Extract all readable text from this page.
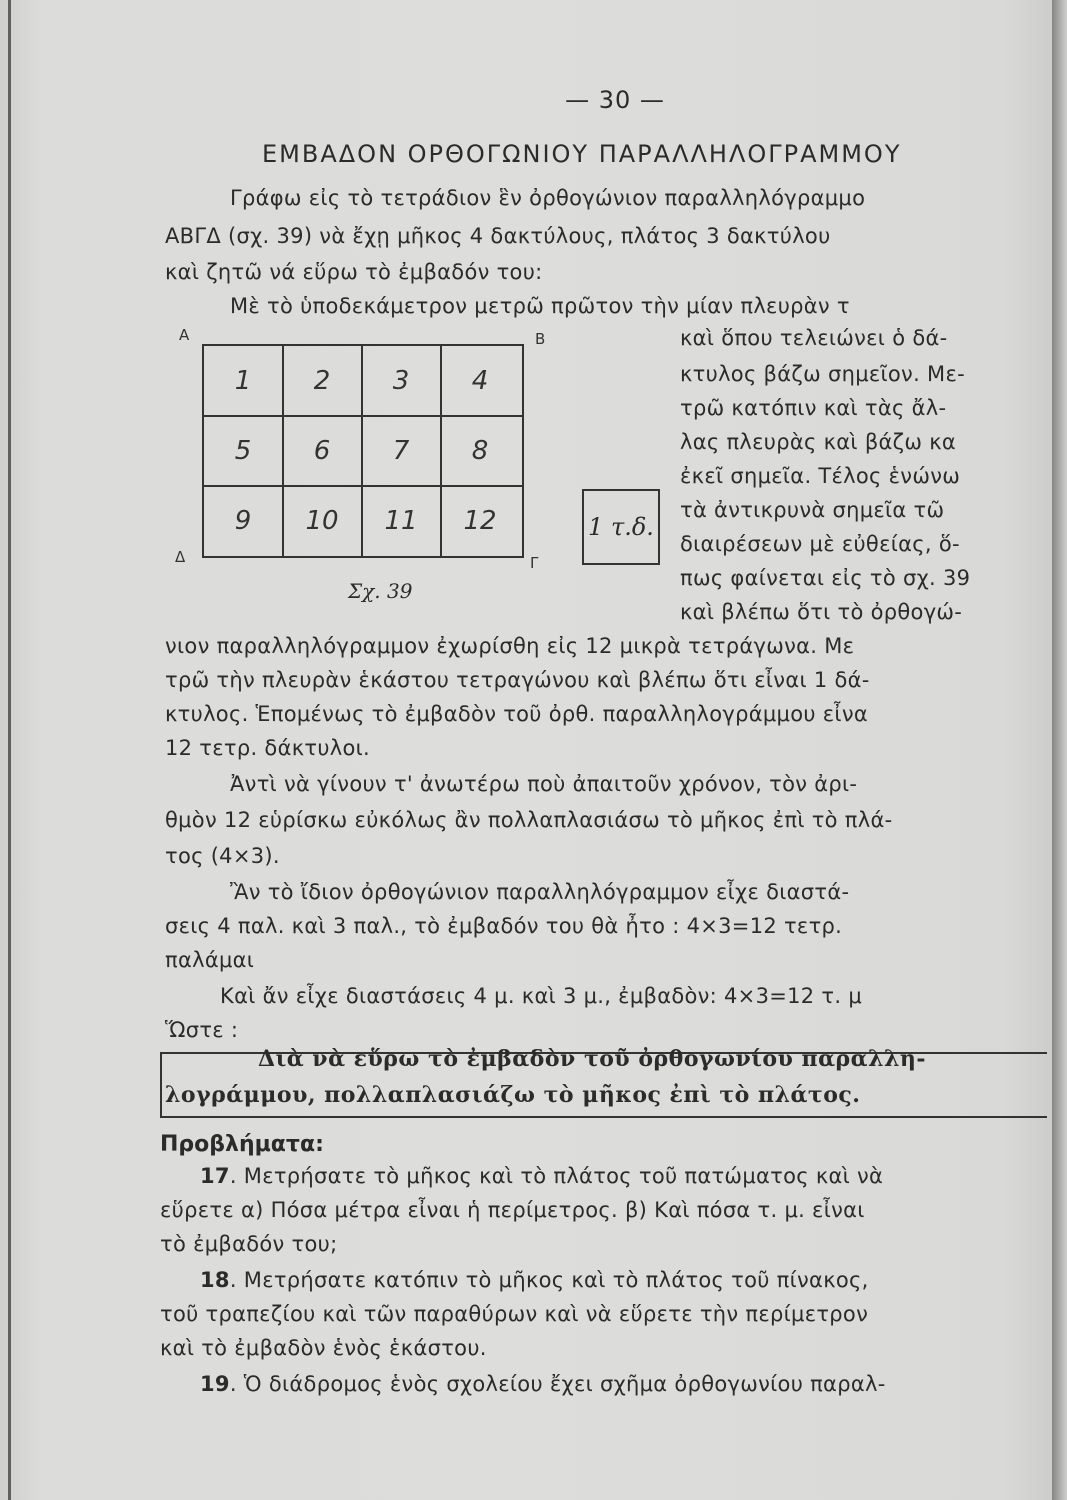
— 30 —
ΕΜΒΑΔΟΝ ΟΡΘΟΓΩΝΙΟΥ ΠΑΡΑΛΛΗΛΟΓΡΑΜΜΟΥ
Γράφω εἰς τὸ τετράδιον ἓν ὀρθογώνιον παραλληλόγραμμο
ΑΒΓΔ (σχ. 39) νὰ ἔχῃ μῆκος 4 δακτύλους, πλάτος 3 δακτύλου
καὶ ζητῶ νά εὕρω τὸ ἐμβαδόν του:
Μὲ τὸ ὑποδεκάμετρον μετρῶ πρῶτον τὴν μίαν πλευρὰν τ
Α	Β
Γ
Δ
1	2	3	4
5	6	7	8
9	10	11	12
Σχ. 39
1 τ.δ.
καὶ ὅπου τελειώνει ὁ δά-
κτυλος βάζω σημεῖον. Με-
τρῶ κατόπιν καὶ τὰς ἄλ-
λας πλευρὰς καὶ βάζω κα
ἐκεῖ σημεῖα. Τέλος ἑνώνω
τὰ ἀντικρυνὰ σημεῖα τῶ
διαιρέσεων μὲ εὐθείας, ὅ-
πως φαίνεται εἰς τὸ σχ. 39
καὶ βλέπω ὅτι τὸ ὀρθογώ-
νιον παραλληλόγραμμον ἐχωρίσθη εἰς 12 μικρὰ τετράγωνα. Με
τρῶ τὴν πλευρὰν ἑκάστου τετραγώνου καὶ βλέπω ὅτι εἶναι 1 δά-
κτυλος. Ἑπομένως τὸ ἐμβαδὸν τοῦ ὀρθ. παραλληλογράμμου εἶνα
12 τετρ. δάκτυλοι.
Ἀντὶ νὰ γίνουν τ' ἀνωτέρω ποὺ ἀπαιτοῦν χρόνον, τὸν ἀρι-
θμὸν 12 εὑρίσκω εὐκόλως ἂν πολλαπλασιάσω τὸ μῆκος ἐπὶ τὸ πλά-
τος (4×3).
Ἂν τὸ ἴδιον ὀρθογώνιον παραλληλόγραμμον εἶχε διαστά-
σεις 4 παλ. καὶ 3 παλ., τὸ ἐμβαδόν του θὰ ἦτο : 4×3=12 τετρ.
παλάμαι
Καὶ ἄν εἶχε διαστάσεις 4 μ. καὶ 3 μ., ἐμβαδὸν: 4×3=12 τ. μ
Ὥστε :
Διὰ νὰ εὕρω τὸ ἐμβαδὸν τοῦ ὀρθογωνίου παραλλη-
λογράμμου, πολλαπλασιάζω τὸ μῆκος ἐπὶ τὸ πλάτος.
Προβλήματα:
17. Μετρήσατε τὸ μῆκος καὶ τὸ πλάτος τοῦ πατώματος καὶ νὰ
εὕρετε α) Πόσα μέτρα εἶναι ἡ περίμετρος. β) Καὶ πόσα τ. μ. εἶναι
τὸ ἐμβαδόν του;
18. Μετρήσατε κατόπιν τὸ μῆκος καὶ τὸ πλάτος τοῦ πίνακος,
τοῦ τραπεζίου καὶ τῶν παραθύρων καὶ νὰ εὕρετε τὴν περίμετρον
καὶ τὸ ἐμβαδὸν ἑνὸς ἑκάστου.
19. Ὁ διάδρομος ἑνὸς σχολείου ἔχει σχῆμα ὀρθογωνίου παραλ-
